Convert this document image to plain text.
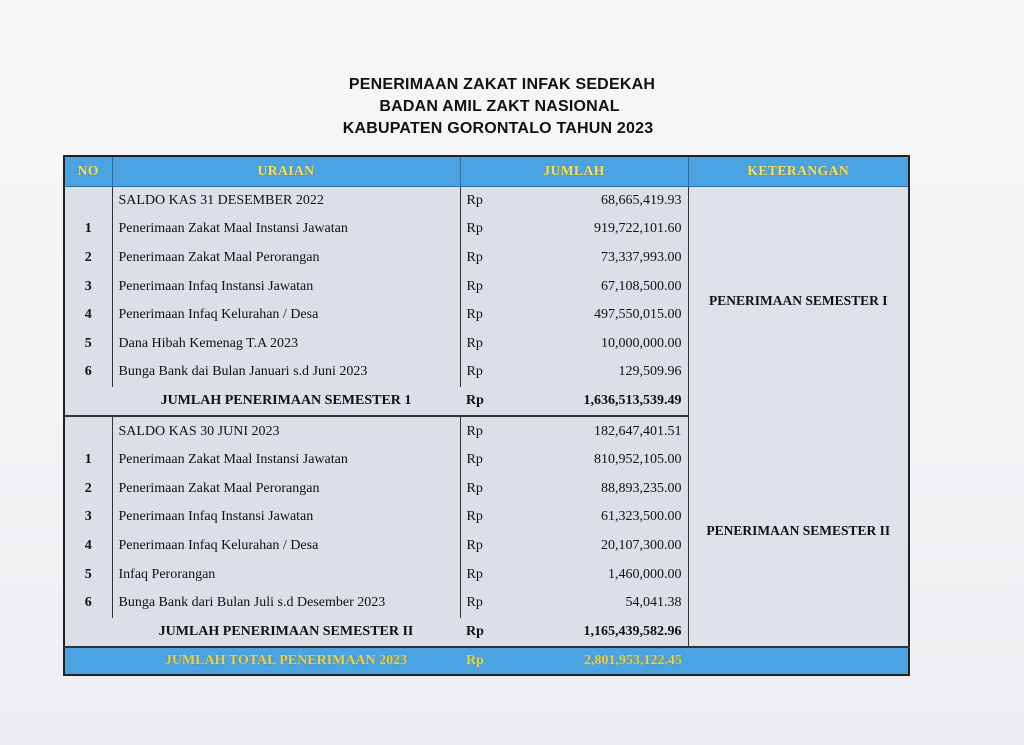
PENERIMAAN ZAKAT INFAK SEDEKAH
BADAN AMIL ZAKT NASIONAL
KABUPATEN GORONTALO TAHUN 2023
NO	URAIAN	JUMLAH		KETERANGAN
	SALDO KAS 31 DESEMBER 2022	Rp	68,665,419.93	PENERIMAAN SEMESTER I
1	Penerimaan Zakat Maal Instansi Jawatan	Rp	919,722,101.60	
2	Penerimaan Zakat Maal Perorangan	Rp	73,337,993.00	
3	Penerimaan Infaq Instansi Jawatan	Rp	67,108,500.00	
4	Penerimaan Infaq Kelurahan / Desa	Rp	497,550,015.00	
5	Dana Hibah Kemenag T.A 2023	Rp	10,000,000.00	
6	Bunga Bank dai Bulan Januari s.d Juni 2023	Rp	129,509.96	
	JUMLAH PENERIMAAN SEMESTER 1	Rp	1,636,513,539.49	
	SALDO KAS 30 JUNI 2023	Rp	182,647,401.51	PENERIMAAN SEMESTER II
1	Penerimaan Zakat Maal Instansi Jawatan	Rp	810,952,105.00	
2	Penerimaan Zakat Maal Perorangan	Rp	88,893,235.00	
3	Penerimaan Infaq Instansi Jawatan	Rp	61,323,500.00	
4	Penerimaan Infaq Kelurahan / Desa	Rp	20,107,300.00	
5	Infaq Perorangan	Rp	1,460,000.00	
6	Bunga Bank dari Bulan Juli s.d Desember 2023	Rp	54,041.38	
	JUMLAH PENERIMAAN SEMESTER II	Rp	1,165,439,582.96	
	JUMLAH TOTAL PENERIMAAN 2023	Rp	2,801,953,122.45	
